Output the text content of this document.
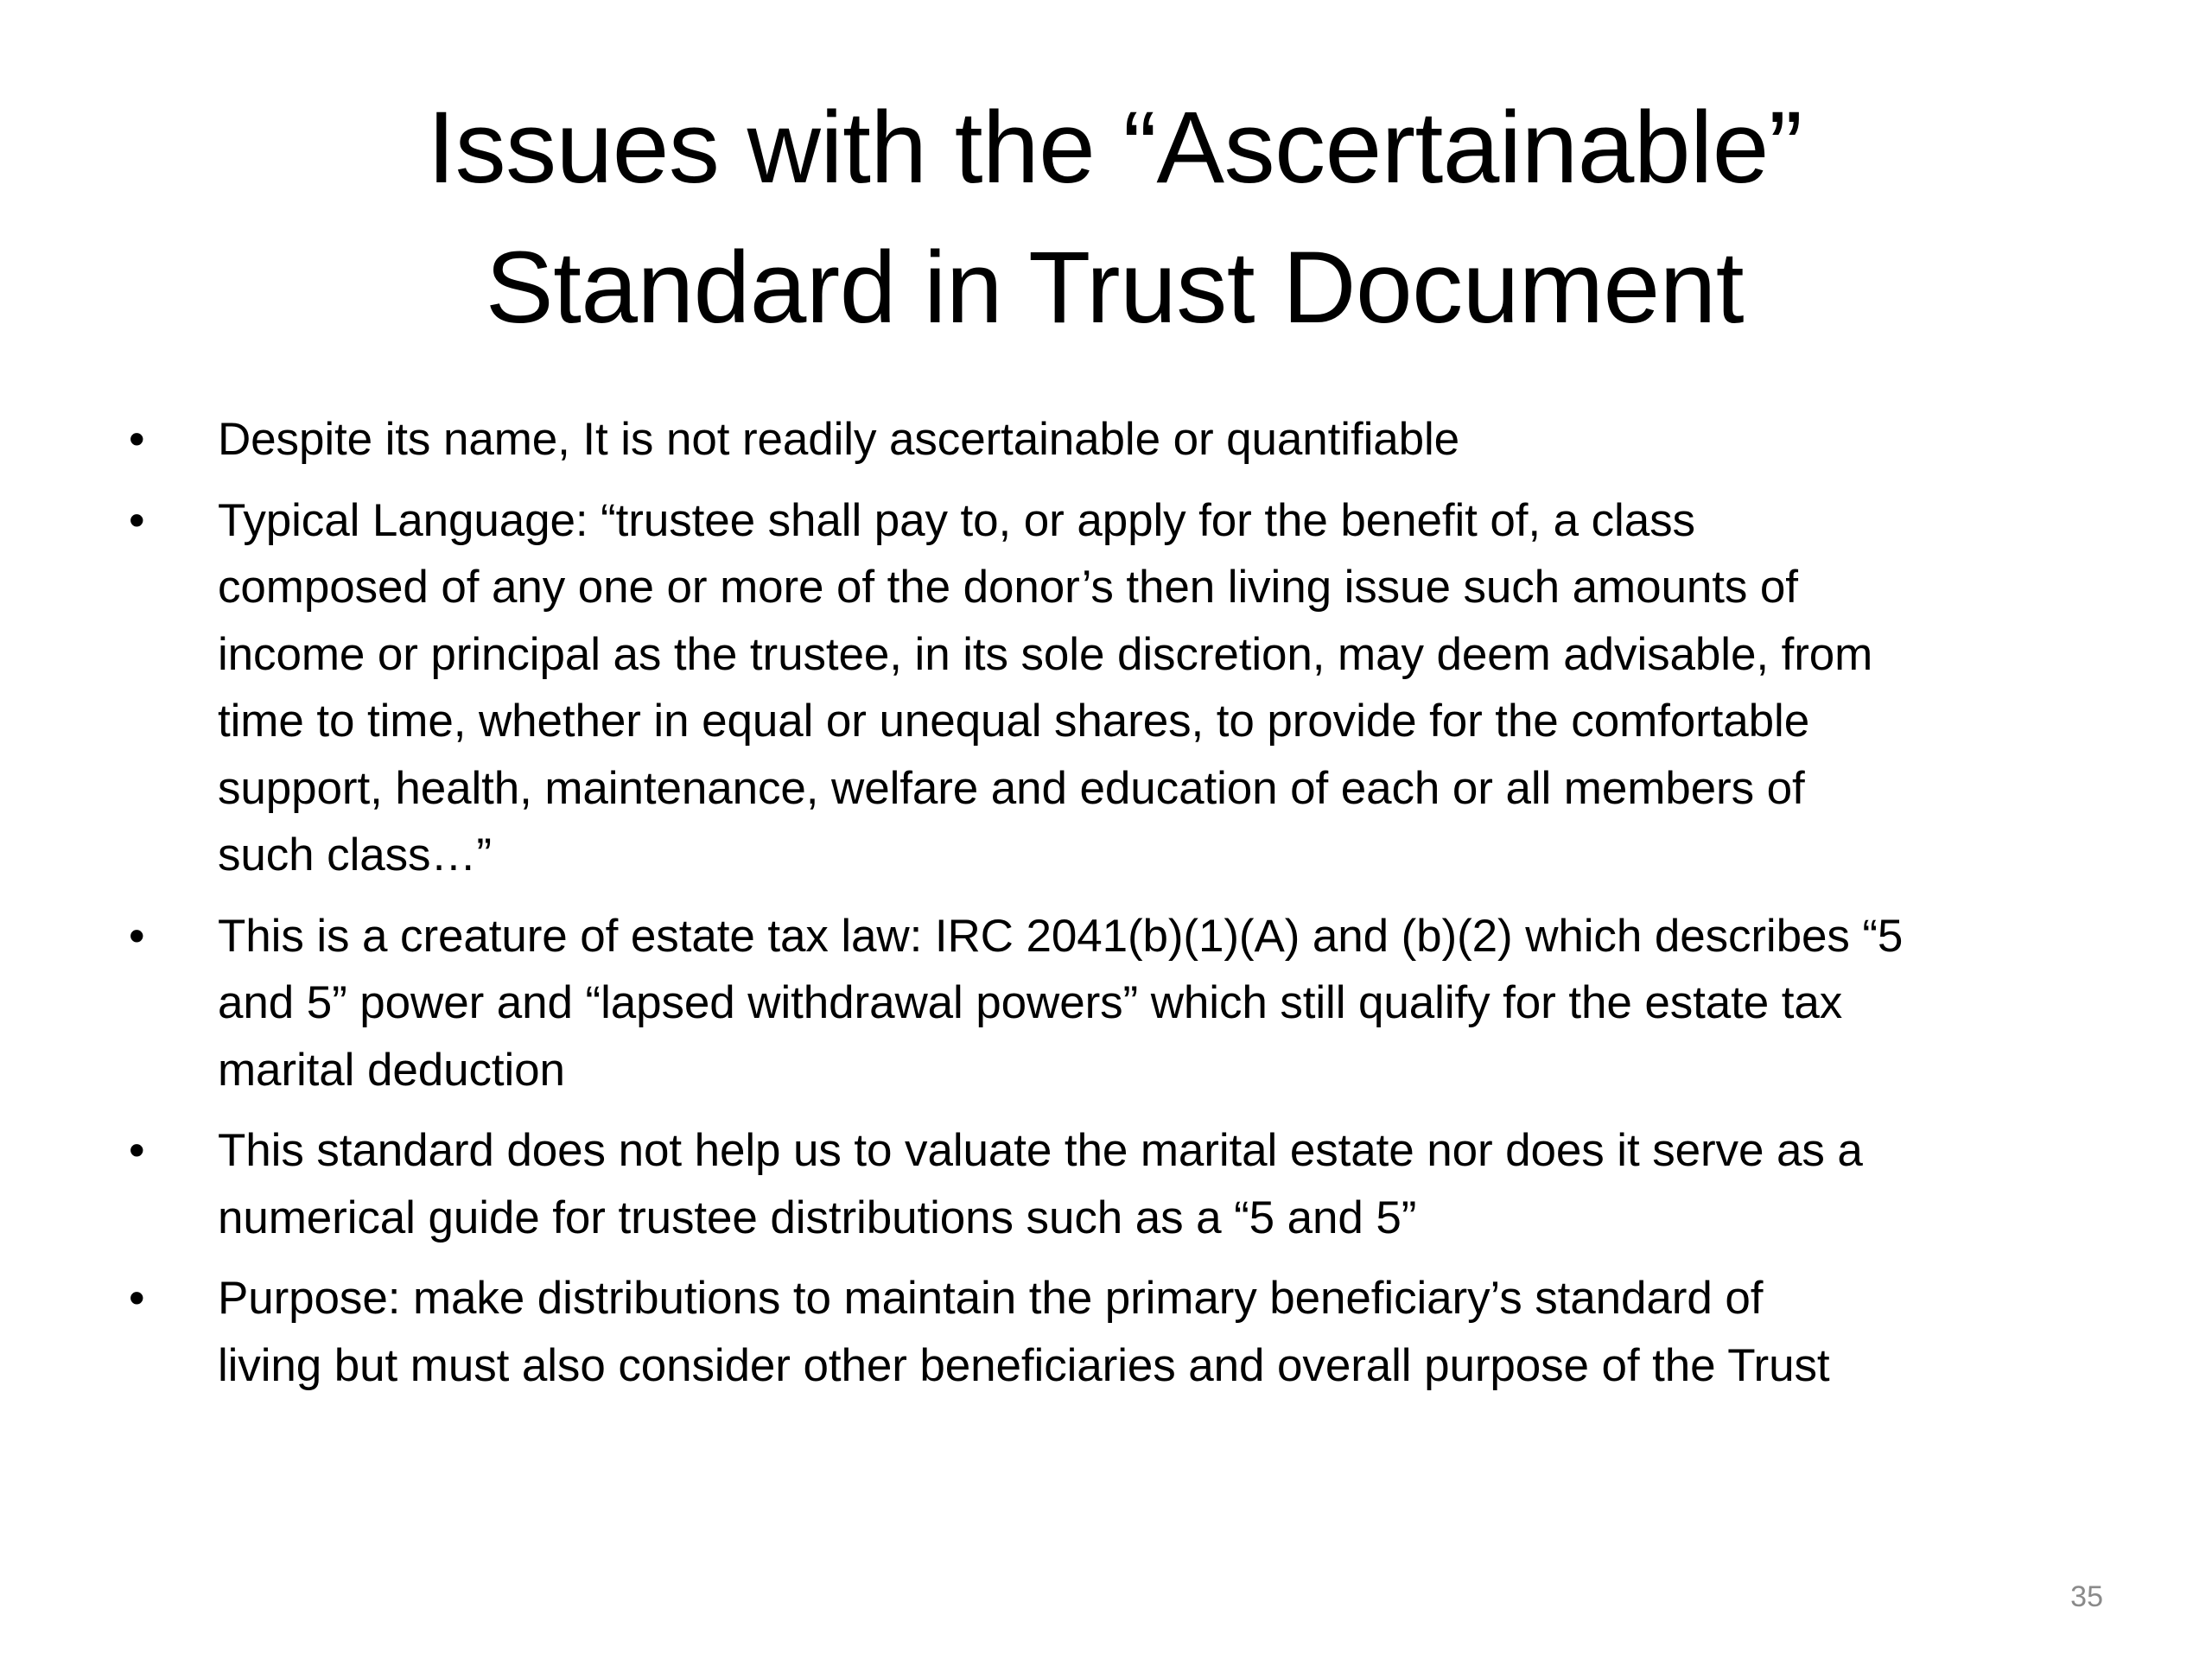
Issues with the “Ascertainable”
Standard in Trust Document
•	Despite its name, It is not readily ascertainable or quantifiable
•	Typical Language: “trustee shall pay to, or apply for the benefit of, a class
composed of any one or more of the donor’s then living issue such amounts of
income or principal as the trustee, in its sole discretion, may deem advisable, from
time to time, whether in equal or unequal shares, to provide for the comfortable
support, health, maintenance, welfare and education of each or all members of
such class…”
•	This is a creature of estate tax law: IRC 2041(b)(1)(A) and (b)(2) which describes “5
and 5” power and “lapsed withdrawal powers” which still qualify for the estate tax
marital deduction
•	This standard does not help us to valuate the marital estate nor does it serve as a
numerical guide for trustee distributions such as a “5 and 5”
•	Purpose: make distributions to maintain the primary beneficiary’s standard of
living but must also consider other beneficiaries and overall purpose of the Trust
35
